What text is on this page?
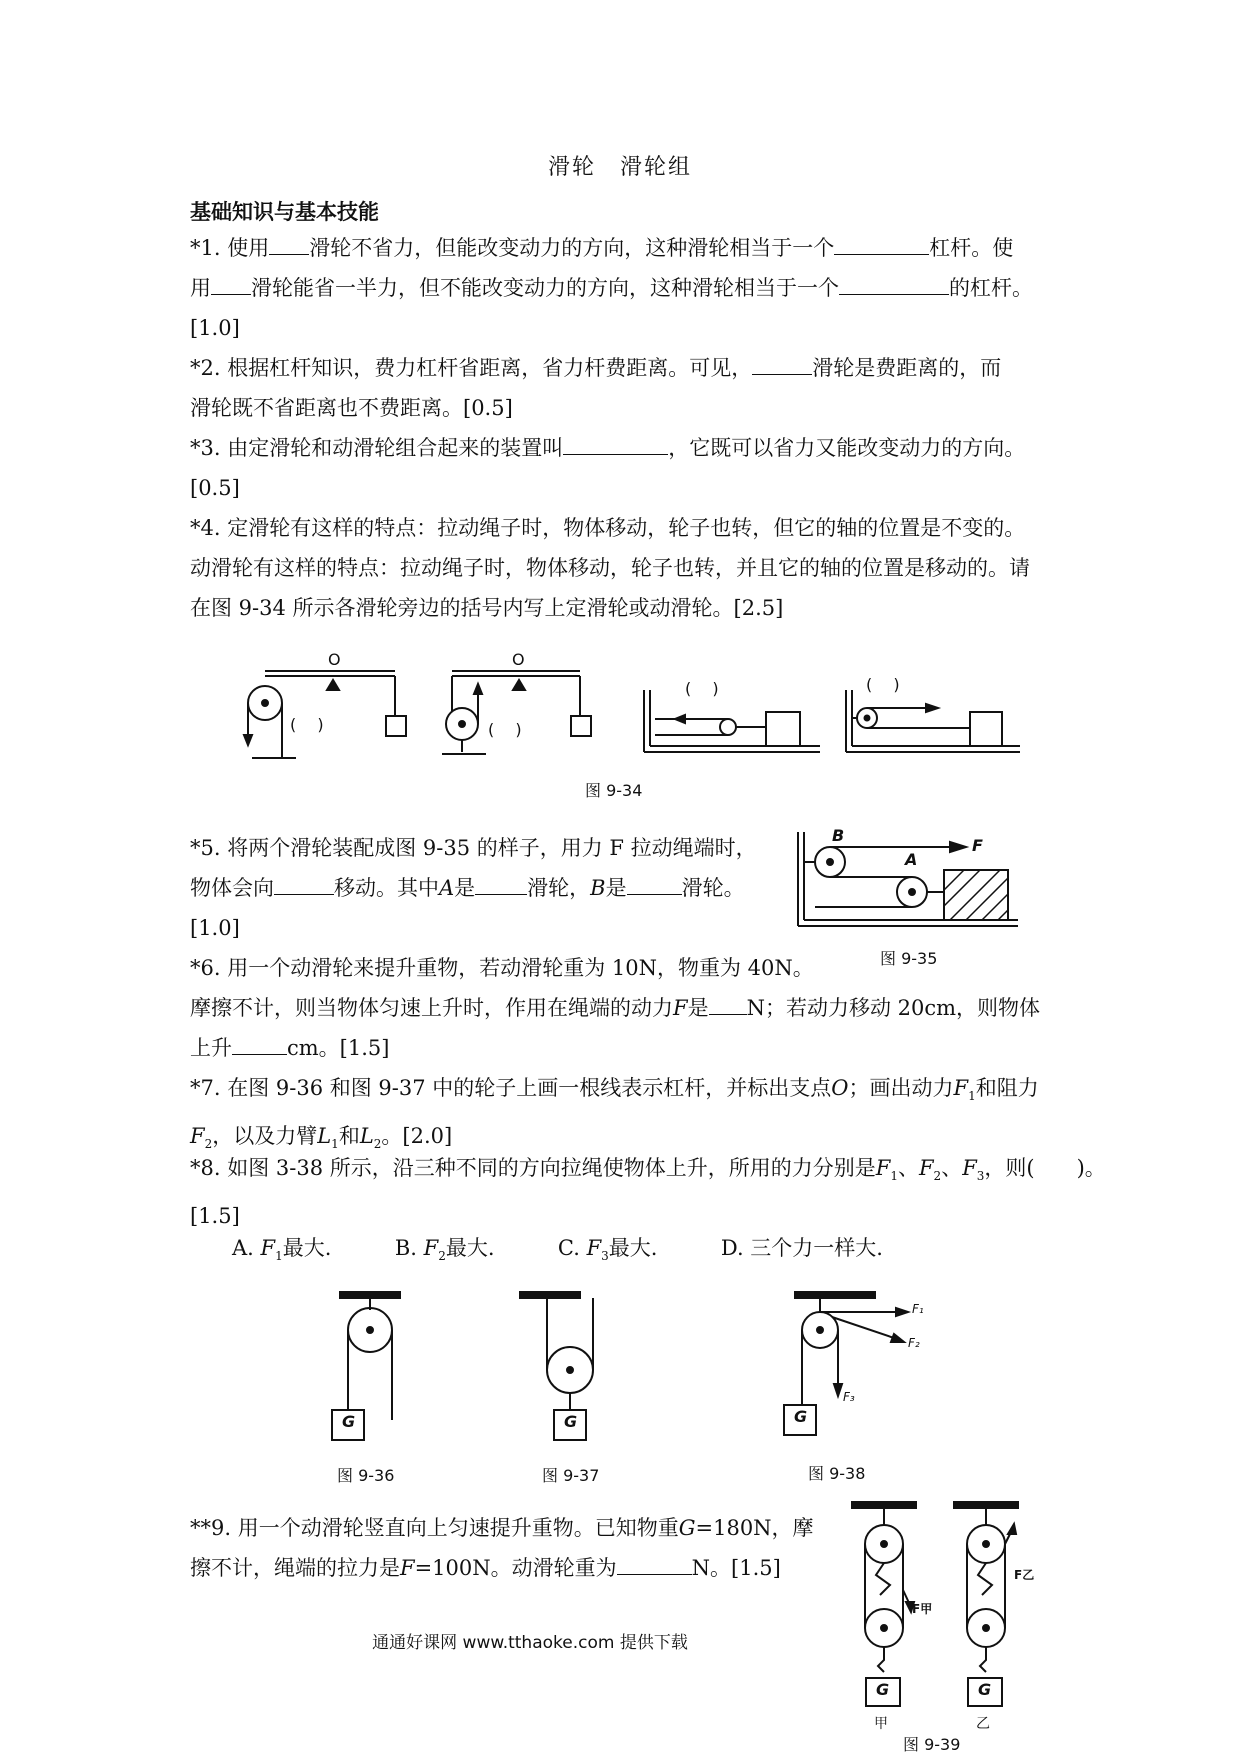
滑轮　滑轮组
基础知识与基本技能
*1. 使用 滑轮不省力，但能改变动力的方向，这种滑轮相当于一个	杠杆。使
用 滑轮能省一半力，但不能改变动力的方向，这种滑轮相当于一个	的杠杆。
[1.0]
*2. 根据杠杆知识，费力杠杆省距离，省力杆费距离。可见，	滑轮是费距离的，而
滑轮既不省距离也不费距离。[0.5]
*3. 由定滑轮和动滑轮组合起来的装置叫	，它既可以省力又能改变动力的方向。
[0.5]
*4. 定滑轮有这样的特点：拉动绳子时，物体移动，轮子也转，但它的轴的位置是不变的。
动滑轮有这样的特点：拉动绳子时，物体移动，轮子也转，并且它的轴的位置是移动的。请
在图 9-34 所示各滑轮旁边的括号内写上定滑轮或动滑轮。[2.5]
O	O
(　 )	(　 )
(　 )	(　 )
图 9-34
*5. 将两个滑轮装配成图 9-35 的样子，用力 F 拉动绳端时，
物体会向	移动。其中A是 滑轮，B是	滑轮。
[1.0]
B
A
F
图 9-35
*6. 用一个动滑轮来提升重物，若动滑轮重为 10N，物重为 40N。
摩擦不计，则当物体匀速上升时，作用在绳端的动力F是 N；若动力移动 20cm，则物体
上升	cm。[1.5]
*7. 在图 9-36 和图 9-37 中的轮子上画一根线表示杠杆，并标出支点O；画出动力$F_1$和阻力
$F_2$，以及力臂$L_1$和$L_2$。[2.0]
*8. 如图 3-38 所示，沿三种不同的方向拉绳使物体上升，所用的力分别是$F_1$、$F_2$、$F_3$，则(　　)。
[1.5]
A. $F_1$最大.	B. $F_2$最大.	C. $F_3$最大.	D. 三个力一样大.
G	G	G
F₁
F₂
F₃
图 9-36	图 9-37	图 9-38
**9. 用一个动滑轮竖直向上匀速提升重物。已知物重G=180N，摩
擦不计，绳端的拉力是F=100N。动滑轮重为	N。[1.5]
G	G
F甲
F乙
甲	乙
图 9-39
通通好课网 www.tthaoke.com 提供下载
